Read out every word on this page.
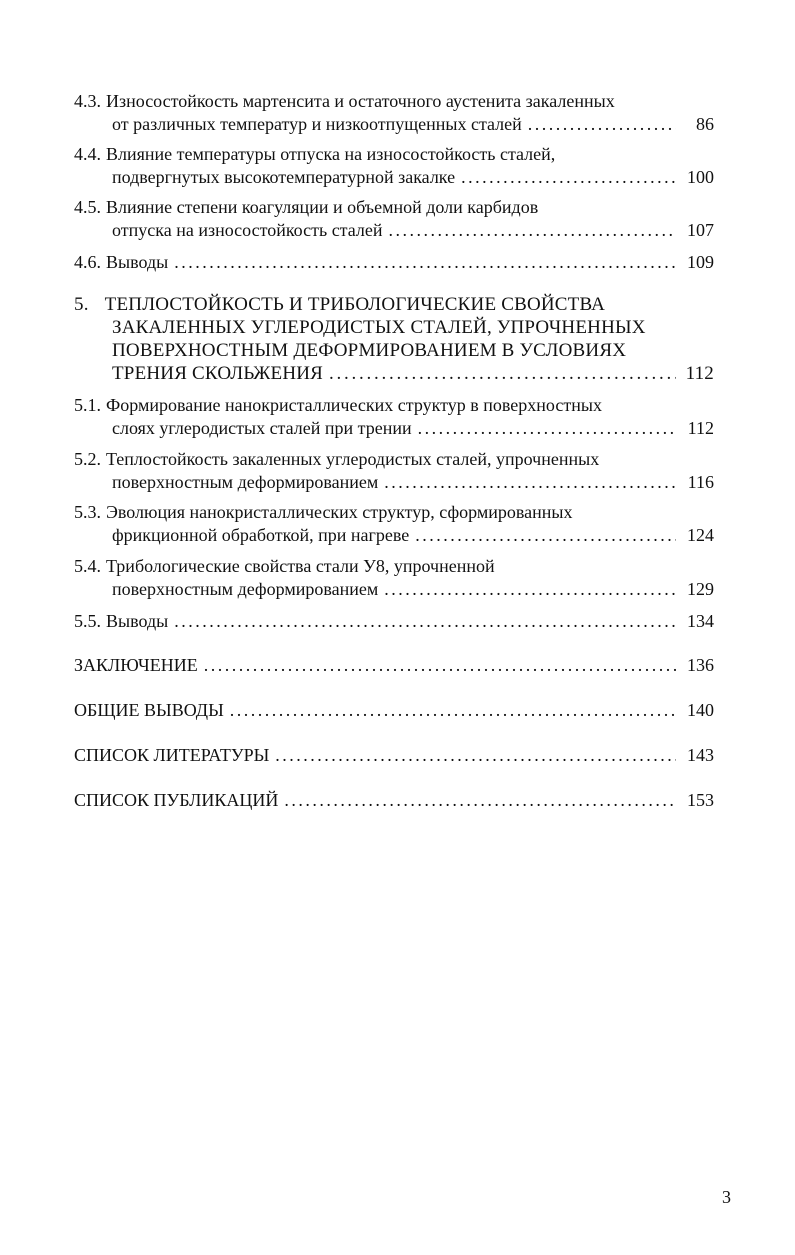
4.3. Износостойкость мартенсита и остаточного аустенита закаленных
от различных температур и низкоотпущенных сталей . . .	86
4.4. Влияние температуры отпуска на износостойкость сталей,
подвергнутых высокотемпературной закалке . . .	100
4.5. Влияние степени коагуляции и объемной доли карбидов
отпуска на износостойкость сталей . . .	107
4.6. Выводы . . .	109
5. ТЕПЛОСТОЙКОСТЬ И ТРИБОЛОГИЧЕСКИЕ СВОЙСТВА
ЗАКАЛЕННЫХ УГЛЕРОДИСТЫХ СТАЛЕЙ, УПРОЧНЕННЫХ
ПОВЕРХНОСТНЫМ ДЕФОРМИРОВАНИЕМ В УСЛОВИЯХ
ТРЕНИЯ СКОЛЬЖЕНИЯ . . .	112
5.1. Формирование нанокристаллических структур в поверхностных
слоях углеродистых сталей при трении . . .	112
5.2. Теплостойкость закаленных углеродистых сталей, упрочненных
поверхностным деформированием . . .	116
5.3. Эволюция нанокристаллических структур, сформированных
фрикционной обработкой, при нагреве . . .	124
5.4. Трибологические свойства стали У8, упрочненной
поверхностным деформированием . . .	129
5.5. Выводы . . .	134
ЗАКЛЮЧЕНИЕ . . .	136
ОБЩИЕ ВЫВОДЫ . . .	140
СПИСОК ЛИТЕРАТУРЫ . . .	143
СПИСОК ПУБЛИКАЦИЙ . . .	153
3
